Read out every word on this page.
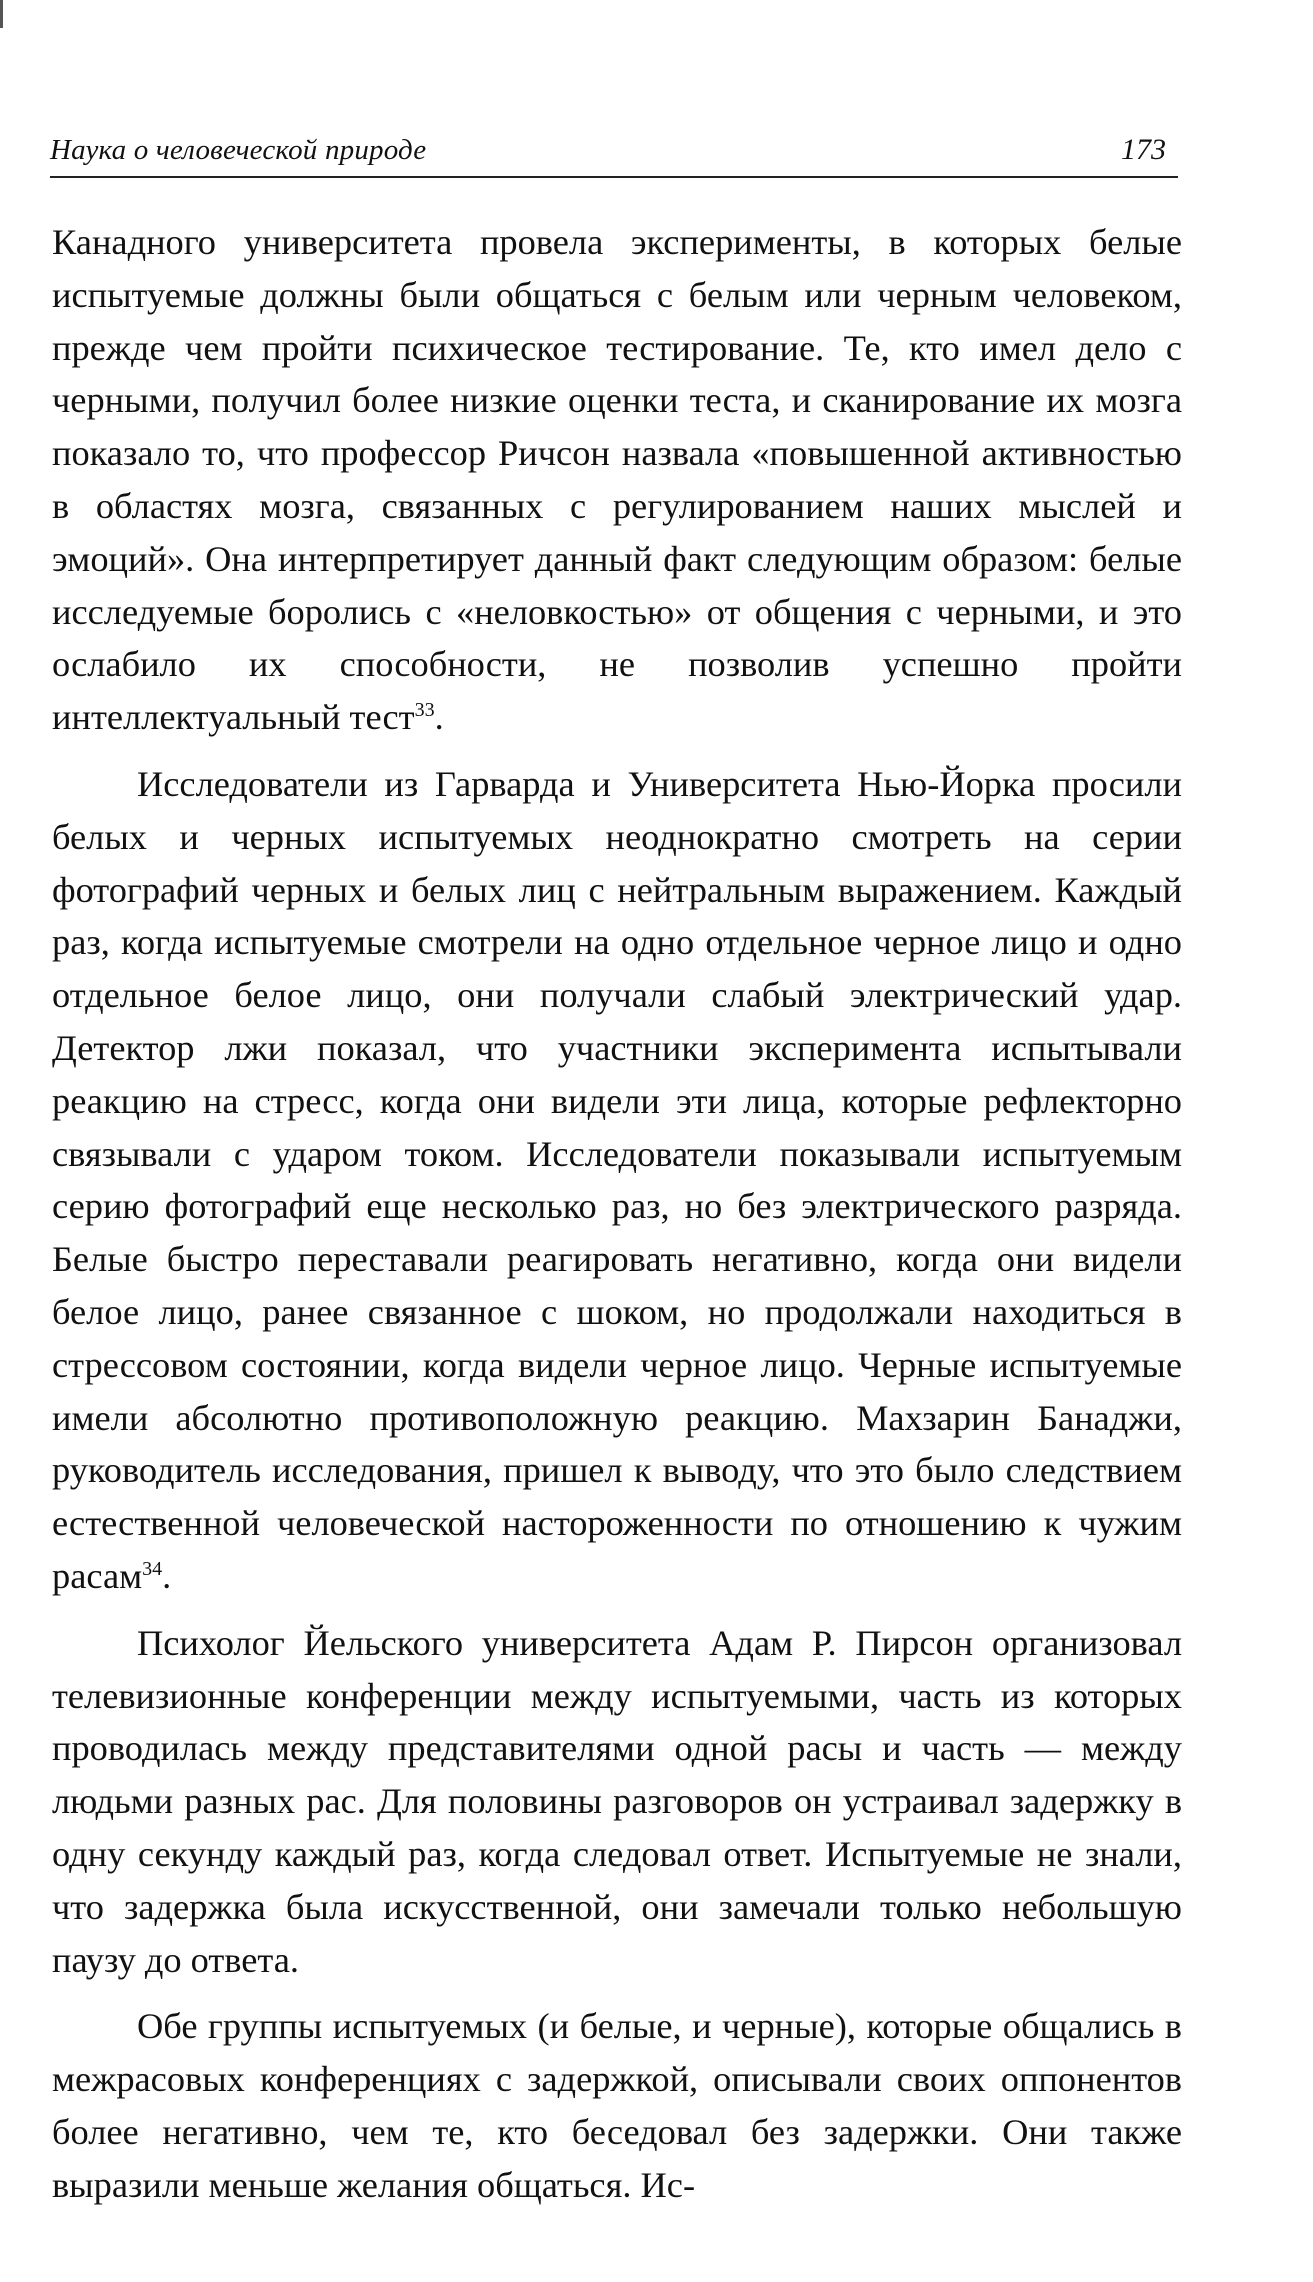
Наука о человеческой природе	173

Канадного университета провела эксперименты, в которых белые испытуемые должны были общаться с белым или черным человеком, прежде чем пройти психическое тестирование. Те, кто имел дело с черными, получил более низкие оценки теста, и сканирование их мозга показало то, что профессор Ричсон назвала «повышенной активностью в областях мозга, связанных с регулированием наших мыслей и эмоций». Она интерпретирует данный факт следующим образом: белые исследуемые боролись с «неловкостью» от общения с черными, и это ослабило их способности, не позволив успешно пройти интеллектуальный тест$^{33}$.

Исследователи из Гарварда и Университета Нью-Йорка просили белых и черных испытуемых неоднократно смотреть на серии фотографий черных и белых лиц с нейтральным выражением. Каждый раз, когда испытуемые смотрели на одно отдельное черное лицо и одно отдельное белое лицо, они получали слабый электрический удар. Детектор лжи показал, что участники эксперимента испытывали реакцию на стресс, когда они видели эти лица, которые рефлекторно связывали с ударом током. Исследователи показывали испытуемым серию фотографий еще несколько раз, но без электрического разряда. Белые быстро переставали реагировать негативно, когда они видели белое лицо, ранее связанное с шоком, но продолжали находиться в стрессовом состоянии, когда видели черное лицо. Черные испытуемые имели абсолютно противоположную реакцию. Махзарин Банаджи, руководитель исследования, пришел к выводу, что это было следствием естественной человеческой настороженности по отношению к чужим расам$^{34}$.

Психолог Йельского университета Адам Р. Пирсон организовал телевизионные конференции между испытуемыми, часть из которых проводилась между представителями одной расы и часть — между людьми разных рас. Для половины разговоров он устраивал задержку в одну секунду каждый раз, когда следовал ответ. Испытуемые не знали, что задержка была искусственной, они замечали только небольшую паузу до ответа.

Обе группы испытуемых (и белые, и черные), которые общались в межрасовых конференциях с задержкой, описывали своих оппонентов более негативно, чем те, кто беседовал без задержки. Они также выразили меньше желания общаться. Ис-
